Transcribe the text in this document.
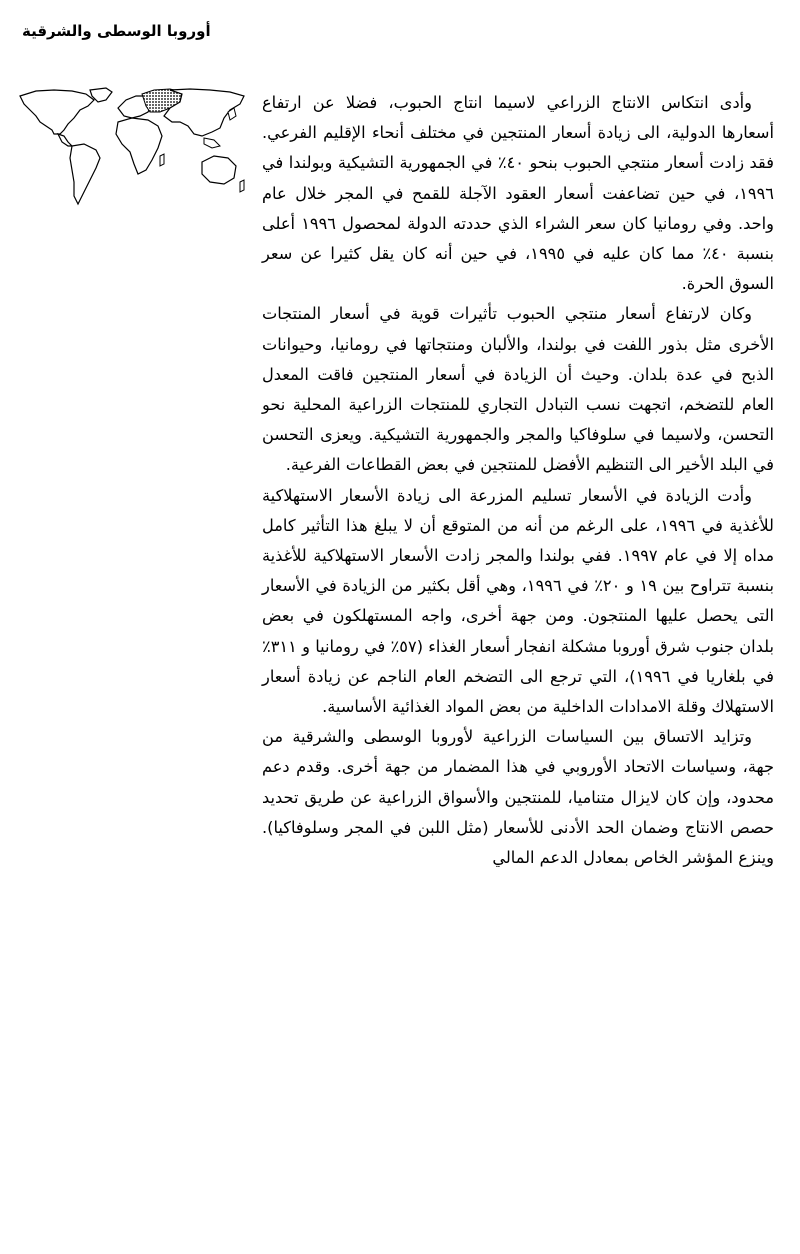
أوروبا الوسطى والشرقية

وأدى انتكاس الانتاج الزراعي لاسيما انتاج الحبوب، فضلا عن ارتفاع أسعارها الدولية، الى زيادة أسعار المنتجين في مختلف أنحاء الإقليم الفرعي. فقد زادت أسعار منتجي الحبوب بنحو ٤٠٪ في الجمهورية التشيكية وبولندا في ١٩٩٦، في حين تضاعفت أسعار العقود الآجلة للقمح في المجر خلال عام واحد. وفي رومانيا كان سعر الشراء الذي حددته الدولة لمحصول ١٩٩٦ أعلى بنسبة ٤٠٪ مما كان عليه في ١٩٩٥، في حين أنه كان يقل كثيرا عن سعر السوق الحرة.

وكان لارتفاع أسعار منتجي الحبوب تأثيرات قوية في أسعار المنتجات الأخرى مثل بذور اللفت في بولندا، والألبان ومنتجاتها في رومانيا، وحيوانات الذبح في عدة بلدان. وحيث أن الزيادة في أسعار المنتجين فاقت المعدل العام للتضخم، اتجهت نسب التبادل التجاري للمنتجات الزراعية المحلية نحو التحسن، ولاسيما في سلوفاكيا والمجر والجمهورية التشيكية. ويعزى التحسن في البلد الأخير الى التنظيم الأفضل للمنتجين في بعض القطاعات الفرعية.

وأدت الزيادة في الأسعار تسليم المزرعة الى زيادة الأسعار الاستهلاكية للأغذية في ١٩٩٦، على الرغم من أنه من المتوقع أن لا يبلغ هذا التأثير كامل مداه إلا في عام ١٩٩٧. ففي بولندا والمجر زادت الأسعار الاستهلاكية للأغذية بنسبة تتراوح بين ١٩ و ٢٠٪ في ١٩٩٦، وهي أقل بكثير من الزيادة في الأسعار التى يحصل عليها المنتجون. ومن جهة أخرى، واجه المستهلكون في بعض بلدان جنوب شرق أوروبا مشكلة انفجار أسعار الغذاء (٥٧٪ في رومانيا و ٣١١٪ في بلغاريا في ١٩٩٦)، التي ترجع الى التضخم العام الناجم عن زيادة أسعار الاستهلاك وقلة الامدادات الداخلية من بعض المواد الغذائية الأساسية.

وتزايد الاتساق بين السياسات الزراعية لأوروبا الوسطى والشرقية من جهة، وسياسات الاتحاد الأوروبي في هذا المضمار من جهة أخرى. وقدم دعم محدود، وإن كان لايزال متناميا، للمنتجين والأسواق الزراعية عن طريق تحديد حصص الانتاج وضمان الحد الأدنى للأسعار (مثل اللبن في المجر وسلوفاكيا). وينزع المؤشر الخاص بمعادل الدعم المالي
